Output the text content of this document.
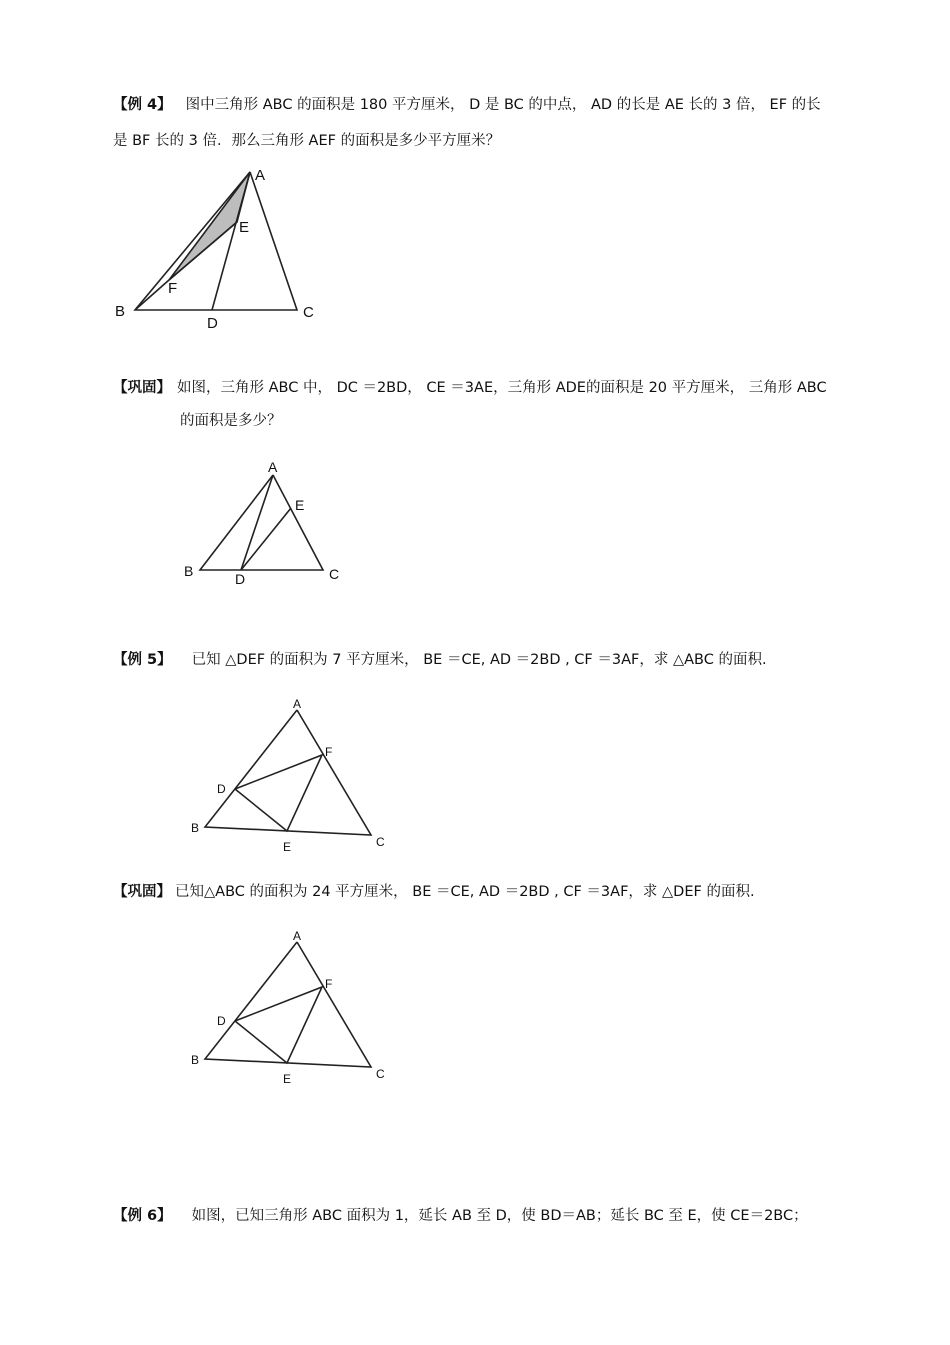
【例 4】 图中三角形 ABC 的面积是 180 平方厘米， D 是 BC 的中点， AD 的长是 AE 长的 3 倍， EF 的长
是 BF 长的 3 倍．那么三角形 AEF 的面积是多少平方厘米？
A
E
F
B
D
C
【巩固】 如图，三角形 ABC 中， DC ＝2BD， CE ＝3AE，三角形 ADE的面积是 20 平方厘米， 三角形 ABC
的面积是多少？
A
E
B	D	C
【例 5】 已知 △DEF 的面积为 7 平方厘米， BE ＝CE, AD ＝2BD , CF ＝3AF，求 △ABC 的面积.
A
F
D
B
E	C
【巩固】 已知△ABC 的面积为 24 平方厘米， BE ＝CE, AD ＝2BD , CF ＝3AF，求 △DEF 的面积.
A
F
D
B
E	C
【例 6】 如图，已知三角形 ABC 面积为 1，延长 AB 至 D，使 BD＝AB；延长 BC 至 E，使 CE＝2BC；
